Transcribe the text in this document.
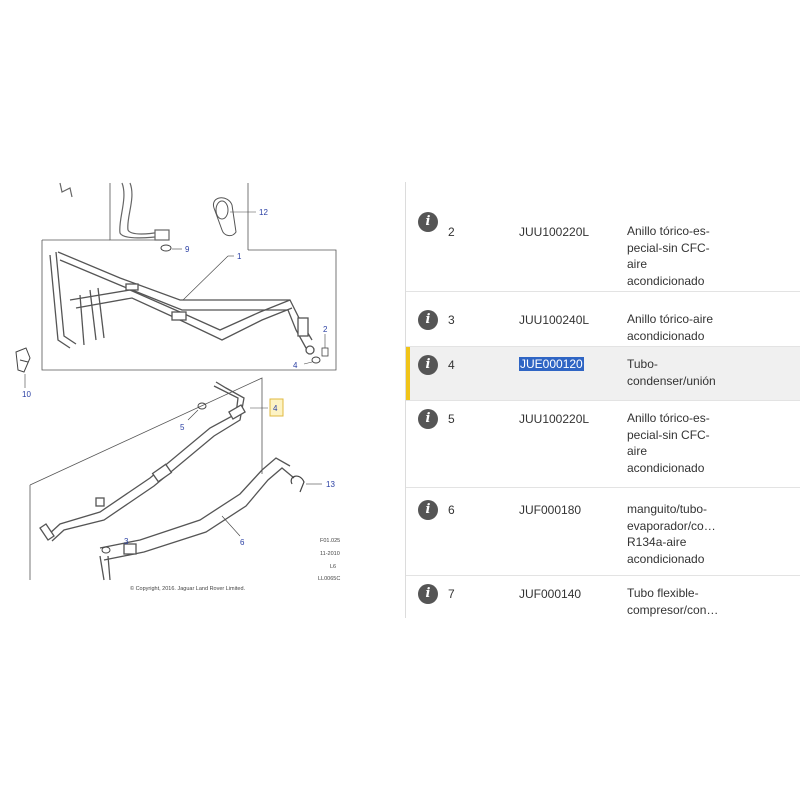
12
9
1
2
4
10
4
5
6
13
3	F01.025
11-2010
L6
LL0065C
© Copyright, 2016. Jaguar Land Rover Limited.
i
2	JUU100220L	Anillo tórico-es-
pecial-sin CFC-
aire
acondicionado
i	3	JUU100240L	Anillo tórico-aire
acondicionado
i	4	JUE000120	Tubo-
condenser/unión
i	5	JUU100220L	Anillo tórico-es-
pecial-sin CFC-
aire
acondicionado
i	6	JUF000180	manguito/tubo-
evaporador/co…
R134a-aire
acondicionado
i	7	JUF000140	Tubo flexible-
compresor/con…
